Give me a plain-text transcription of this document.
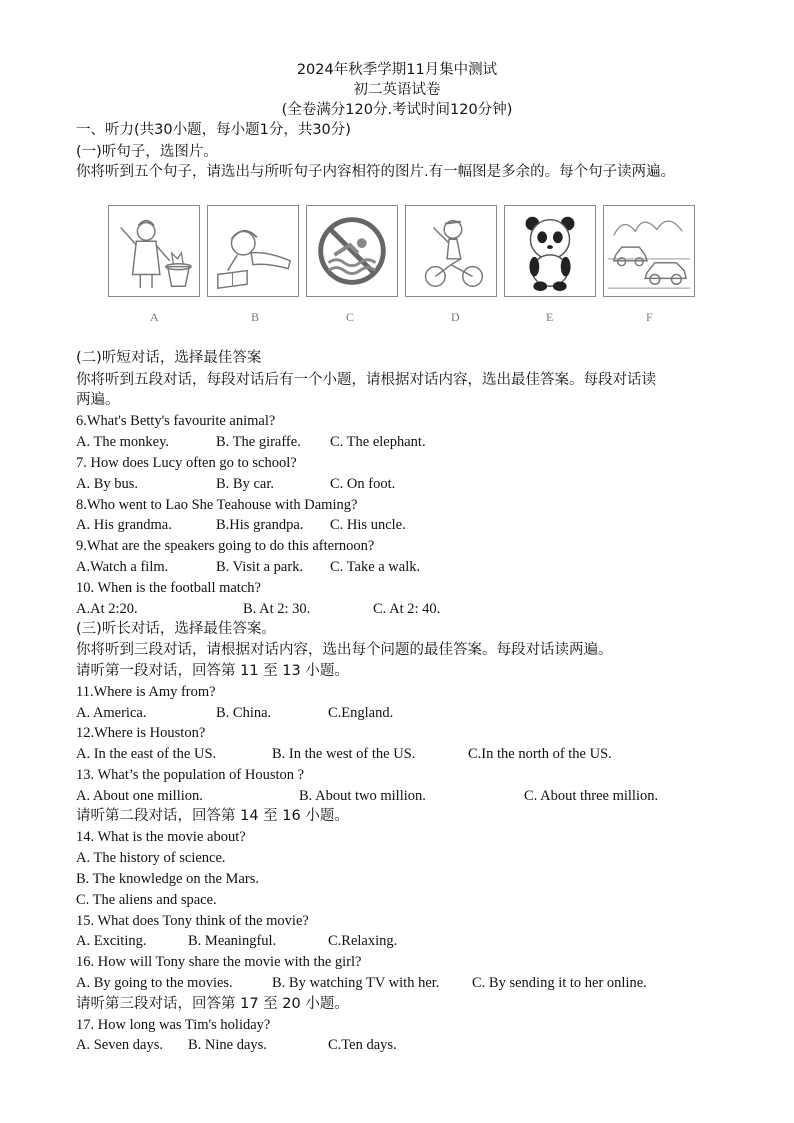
2024年秋季学期11月集中测试
初二英语试卷
(全卷满分120分.考试时间120分钟)
一、听力(共30小题，每小题1分，共30分)
(一)听句子，选图片。
你将听到五个句子，请选出与所听句子内容相符的图片.有一幅图是多余的。每个句子读两遍。
A	B	C	D	E	F
(二)听短对话，选择最佳答案
你将听到五段对话，每段对话后有一个小题，请根据对话内容，选出最佳答案。每段对话读
两遍。
6.What's Betty's favourite animal?
A. The monkey.	B. The giraffe. C. The elephant.
7. How does Lucy often go to school?
A. By bus.	B. By car.	C. On foot.
8.Who went to Lao She Teahouse with Daming?
A. His grandma.	B.His grandpa. C. His uncle.
9.What are the speakers going to do this afternoon?
A.Watch a film.	B. Visit a park. C. Take a walk.
10. When is the football match?
A.At 2:20.	B. At 2: 30.	C. At 2: 40.
(三)听长对话，选择最佳答案。
你将听到三段对话，请根据对话内容，选出每个问题的最佳答案。每段对话读两遍。
请听第一段对话，回答第 11 至 13 小题。
11.Where is Amy from?
A. America.	B. China.	C.England.
12.Where is Houston?
A. In the east of the US.	B. In the west of the US.	C.In the north of the US.
13. What’s the population of Houston ?
A. About one million.	B. About two million.	C. About three million.
请听第二段对话，回答第 14 至 16 小题。
14. What is the movie about?
A. The history of science.
B. The knowledge on the Mars.
C. The aliens and space.
15. What does Tony think of the movie?
A. Exciting.	B. Meaningful.	C.Relaxing.
16. How will Tony share the movie with the girl?
A. By going to the movies.	B. By watching TV with her. C. By sending it to her online.
请听第三段对话，回答第 17 至 20 小题。
17. How long was Tim's holiday?
A. Seven days. B. Nine days.	C.Ten days.
